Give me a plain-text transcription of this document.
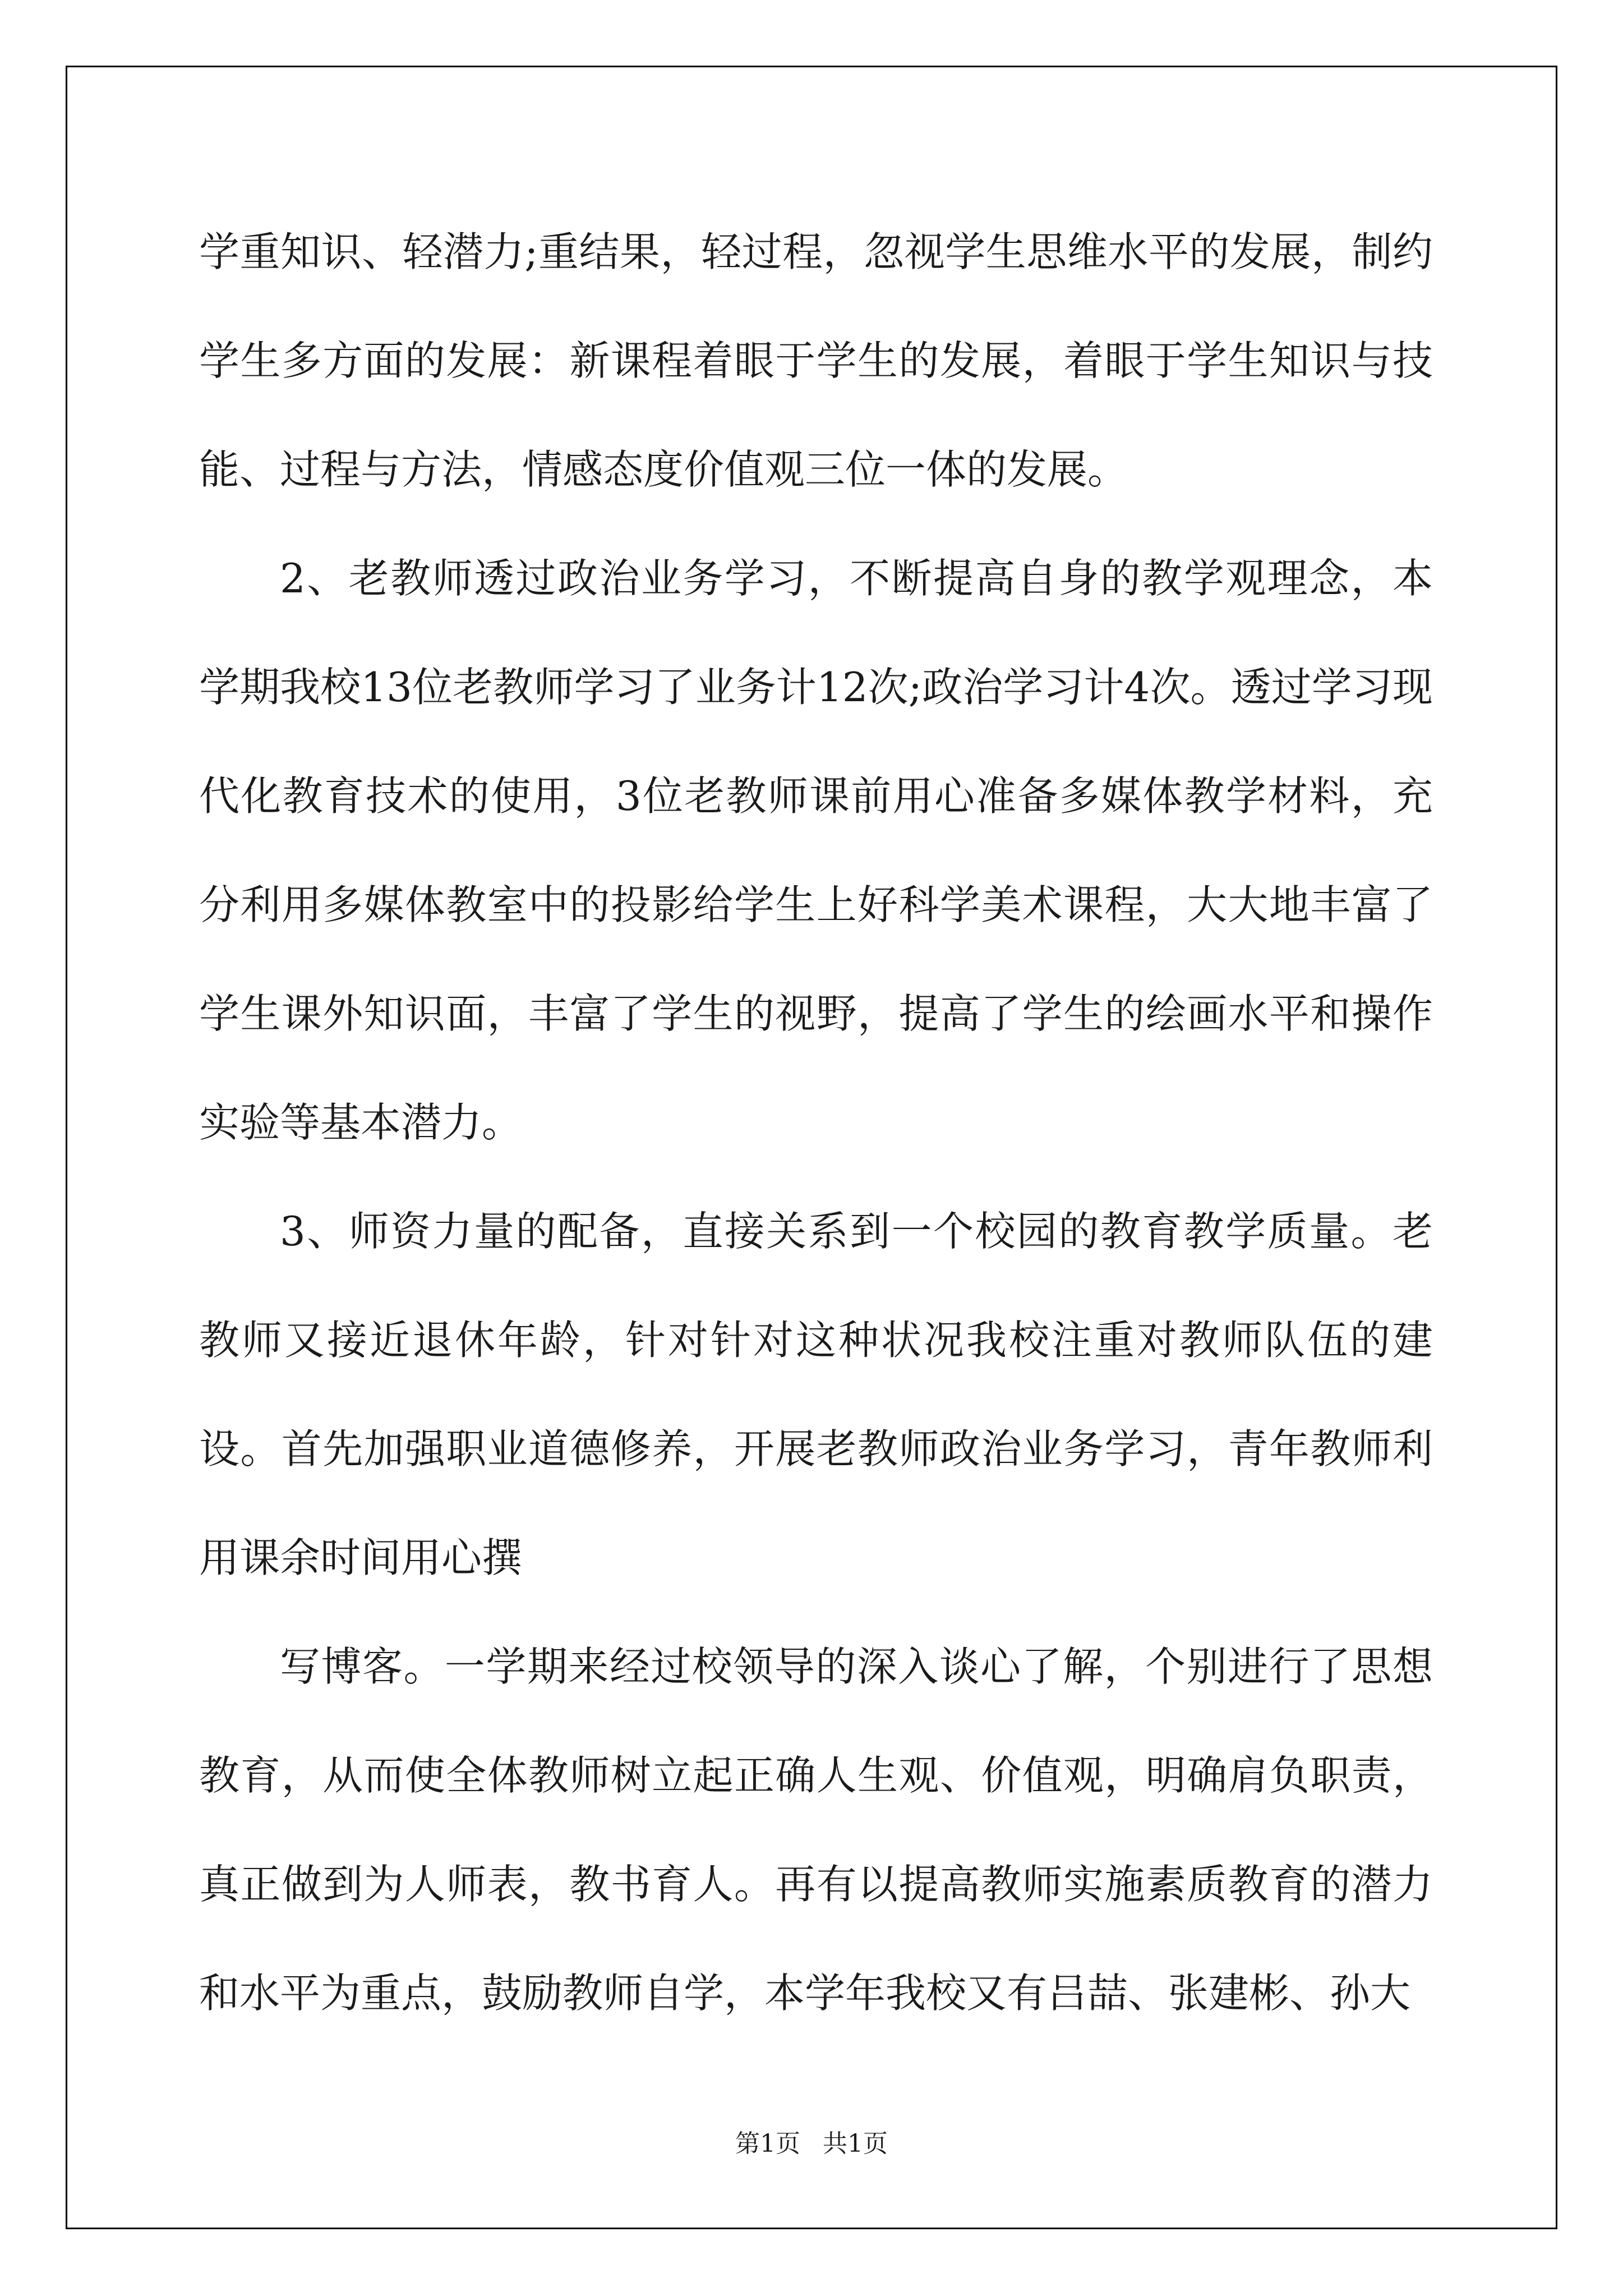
学重知识、轻潜力;重结果，轻过程，忽视学生思维水平的发展，制约学生多方面的发展：新课程着眼于学生的发展，着眼于学生知识与技能、过程与方法，情感态度价值观三位一体的发展。

2、老教师透过政治业务学习，不断提高自身的教学观理念，本学期我校13位老教师学习了业务计12次;政治学习计4次。透过学习现代化教育技术的使用，3位老教师课前用心准备多媒体教学材料，充分利用多媒体教室中的投影给学生上好科学美术课程，大大地丰富了学生课外知识面，丰富了学生的视野，提高了学生的绘画水平和操作实验等基本潜力。

3、师资力量的配备，直接关系到一个校园的教育教学质量。老教师又接近退休年龄，针对针对这种状况我校注重对教师队伍的建设。首先加强职业道德修养，开展老教师政治业务学习，青年教师利用课余时间用心撰

写博客。一学期来经过校领导的深入谈心了解，个别进行了思想教育，从而使全体教师树立起正确人生观、价值观，明确肩负职责，真正做到为人师表，教书育人。再有以提高教师实施素质教育的潜力和水平为重点，鼓励教师自学，本学年我校又有吕喆、张建彬、孙大

第1页 共1页
